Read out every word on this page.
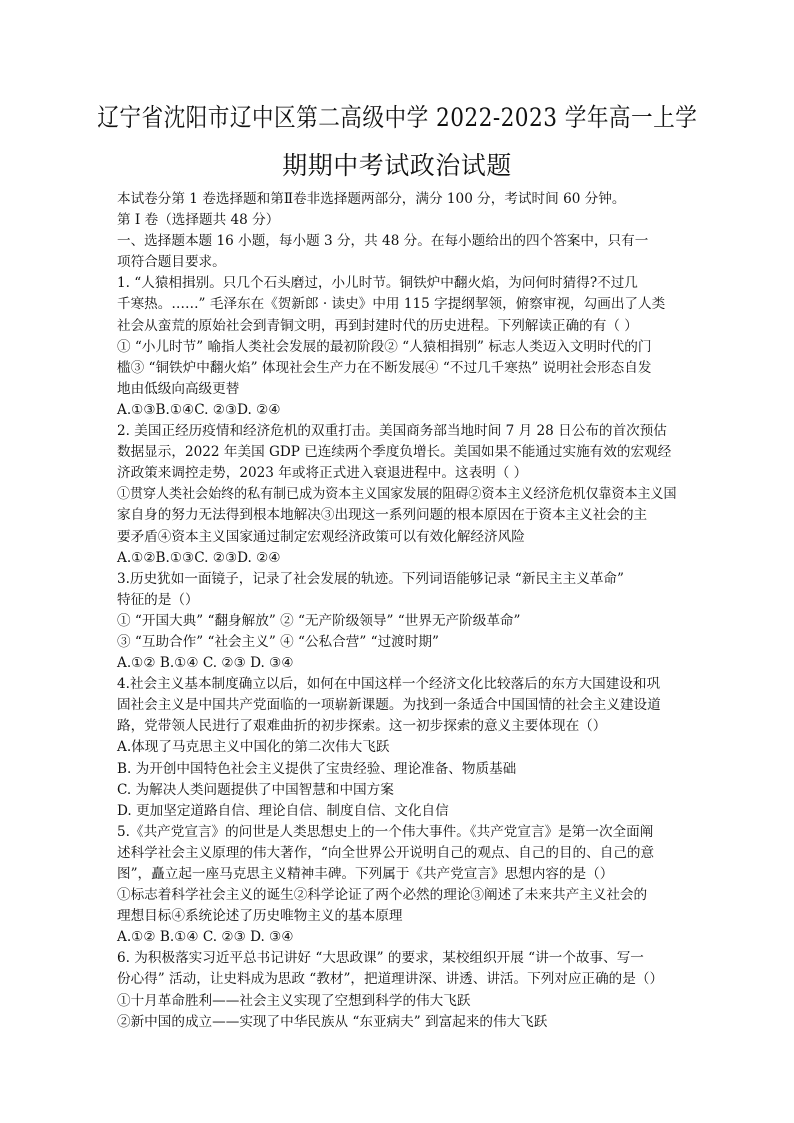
辽宁省沈阳市辽中区第二高级中学 2022-2023 学年高一上学
期期中考试政治试题
本试卷分第 1 卷选择题和第Ⅱ卷非选择题两部分，满分 100 分，考试时间 60 分钟。
第 I 卷（选择题共 48 分）
一、选择题本题 16 小题，每小题 3 分，共 48 分。在每小题给出的四个答案中，只有一
项符合题目要求。
1. “人猿相揖别。只几个石头磨过，小儿时节。铜铁炉中翻火焰，为问何时猜得?不过几
千寒热。……” 毛泽东在《贺新郎 · 读史》中用 115 字提纲挈领，俯察审视，勾画出了人类
社会从蛮荒的原始社会到青铜文明，再到封建时代的历史进程。下列解读正确的有（ ）
① “小儿时节” 喻指人类社会发展的最初阶段② “人猿相揖别” 标志人类迈入文明时代的门
槛③ “铜铁炉中翻火焰” 体现社会生产力在不断发展④ “不过几千寒热” 说明社会形态自发
地由低级向高级更替
A.①③B.①④C. ②③D. ②④
2. 美国正经历疫情和经济危机的双重打击。美国商务部当地时间 7 月 28 日公布的首次预估
数据显示，2022 年美国 GDP 已连续两个季度负增长。美国如果不能通过实施有效的宏观经
济政策来调控走势，2023 年或将正式进入衰退进程中。这表明（ ）
①贯穿人类社会始终的私有制已成为资本主义国家发展的阻碍②资本主义经济危机仅靠资本主义国
家自身的努力无法得到根本地解决③出现这一系列问题的根本原因在于资本主义社会的主
要矛盾④资本主义国家通过制定宏观经济政策可以有效化解经济风险
A.①②B.①③C. ②③D. ②④
3.历史犹如一面镜子，记录了社会发展的轨迹。下列词语能够记录 “新民主主义革命”
特征的是（）
① “开国大典” “翻身解放” ② “无产阶级领导” “世界无产阶级革命”
③ “互助合作” “社会主义” ④ “公私合营” “过渡时期”
A.①② B.①④ C. ②③ D. ③④
4.社会主义基本制度确立以后，如何在中国这样一个经济文化比较落后的东方大国建设和巩
固社会主义是中国共产党面临的一项崭新课题。为找到一条适合中国国情的社会主义建设道
路，党带领人民进行了艰难曲折的初步探索。这一初步探索的意义主要体现在（）
A.体现了马克思主义中国化的第二次伟大飞跃
B. 为开创中国特色社会主义提供了宝贵经验、理论准备、物质基础
C. 为解决人类问题提供了中国智慧和中国方案
D. 更加坚定道路自信、理论自信、制度自信、文化自信
5.《共产党宣言》的问世是人类思想史上的一个伟大事件。《共产党宣言》是第一次全面阐
述科学社会主义原理的伟大著作，“向全世界公开说明自己的观点、自己的目的、自己的意
图”，矗立起一座马克思主义精神丰碑。下列属于《共产党宣言》思想内容的是（）
①标志着科学社会主义的诞生②科学论证了两个必然的理论③阐述了未来共产主义社会的
理想目标④系统论述了历史唯物主义的基本原理
A.①② B.①④ C. ②③ D. ③④
6. 为积极落实习近平总书记讲好 “大思政课” 的要求，某校组织开展 “讲一个故事、写一
份心得” 活动，让史料成为思政 “教材”，把道理讲深、讲透、讲活。下列对应正确的是（）
①十月革命胜利——社会主义实现了空想到科学的伟大飞跃
②新中国的成立——实现了中华民族从 “东亚病夫” 到富起来的伟大飞跃
